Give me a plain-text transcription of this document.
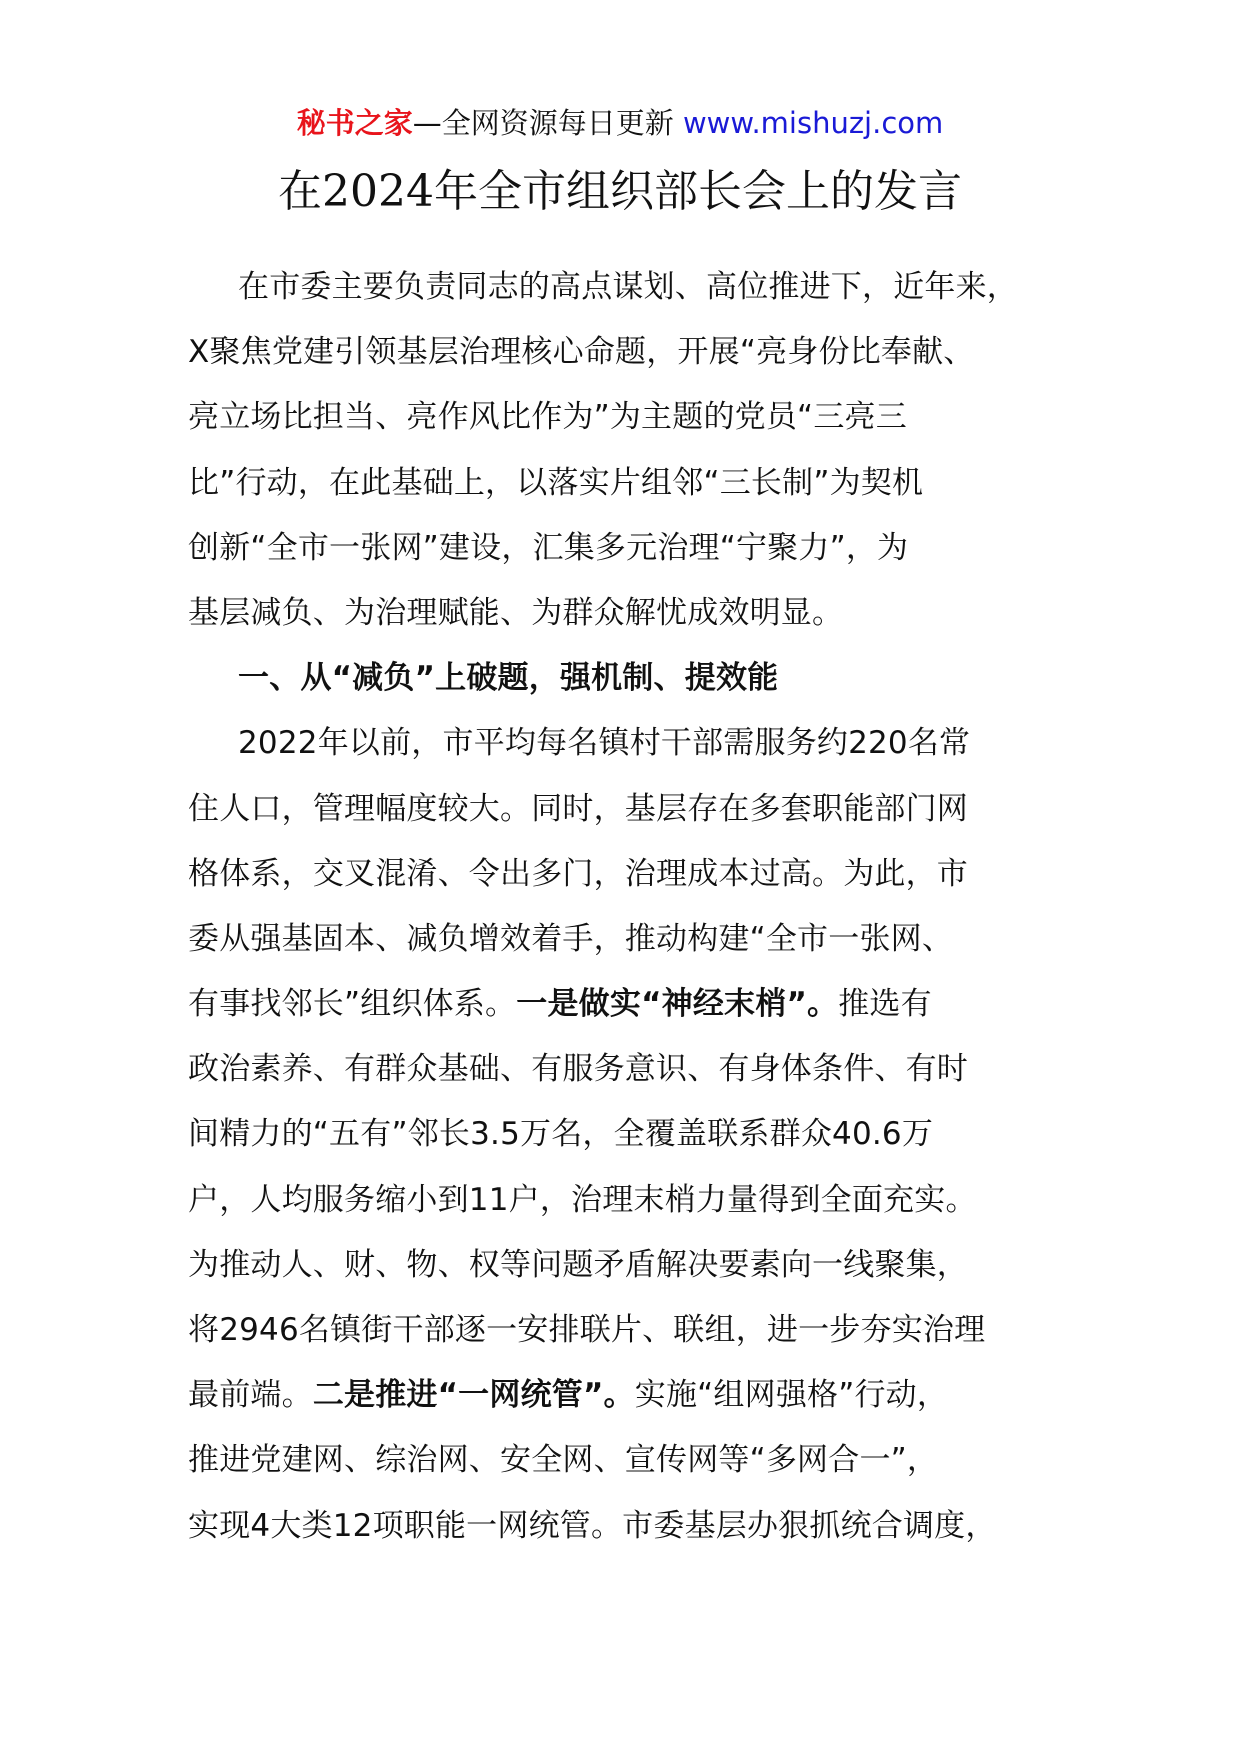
秘书之家—全网资源每日更新 www.mishuzj.com
在2024年全市组织部长会上的发言
在市委主要负责同志的高点谋划、高位推进下，近年来，
X聚焦党建引领基层治理核心命题，开展“亮身份比奉献、
亮立场比担当、亮作风比作为”为主题的党员“三亮三
比”行动，在此基础上，以落实片组邻“三长制”为契机
创新“全市一张网”建设，汇集多元治理“宁聚力”，为
基层减负、为治理赋能、为群众解忧成效明显。
一、从“减负”上破题，强机制、提效能
2022年以前，市平均每名镇村干部需服务约220名常
住人口，管理幅度较大。同时，基层存在多套职能部门网
格体系，交叉混淆、令出多门，治理成本过高。为此，市
委从强基固本、减负增效着手，推动构建“全市一张网、
有事找邻长”组织体系。一是做实“神经末梢”。推选有
政治素养、有群众基础、有服务意识、有身体条件、有时
间精力的“五有”邻长3.5万名，全覆盖联系群众40.6万
户，人均服务缩小到11户，治理末梢力量得到全面充实。
为推动人、财、物、权等问题矛盾解决要素向一线聚集，
将2946名镇街干部逐一安排联片、联组，进一步夯实治理
最前端。二是推进“一网统管”。实施“组网强格”行动，
推进党建网、综治网、安全网、宣传网等“多网合一”，
实现4大类12项职能一网统管。市委基层办狠抓统合调度，
